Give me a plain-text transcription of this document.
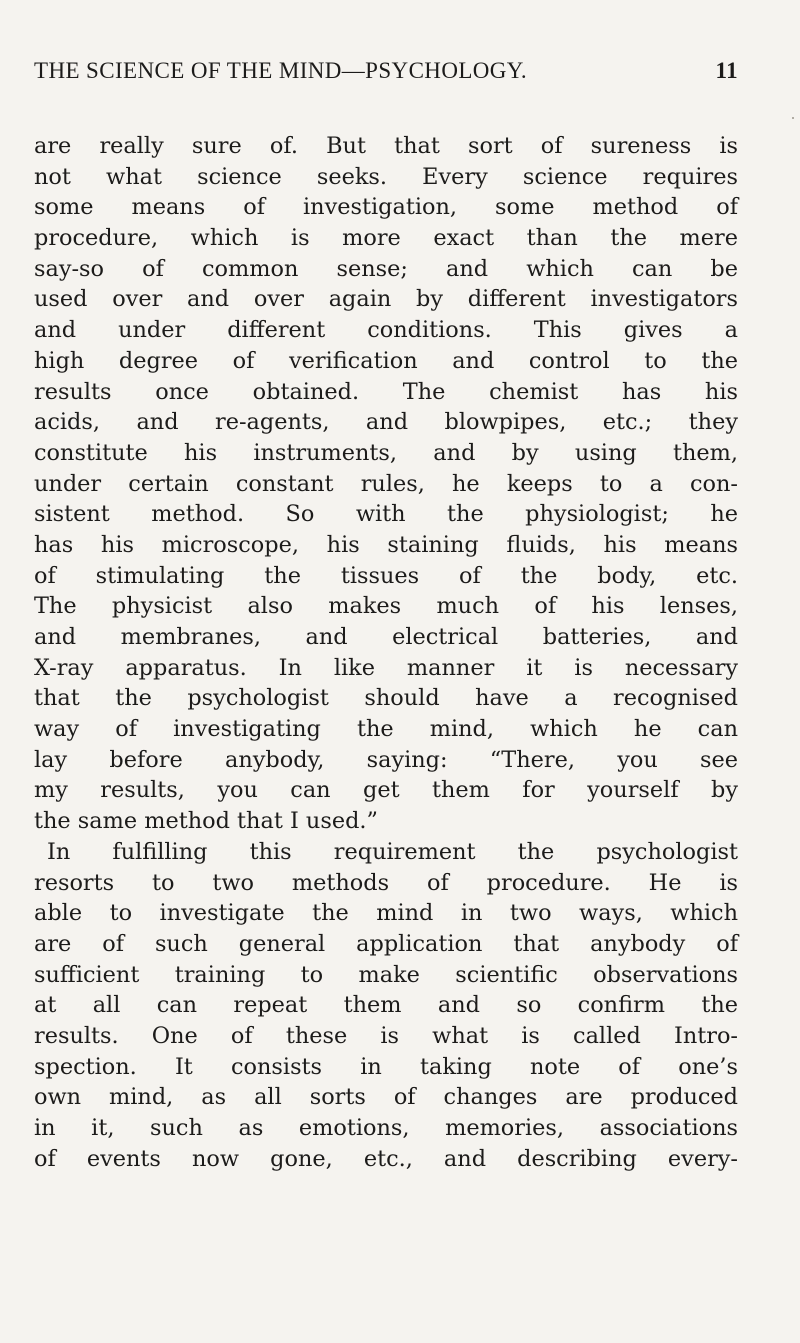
THE SCIENCE OF THE MIND—PSYCHOLOGY.	11
are really sure of. But that sort of sureness is
not what science seeks. Every science requires
some means of investigation, some method of
procedure, which is more exact than the mere
say-so of common sense; and which can be
used over and over again by different investigators
and under different conditions. This gives a
high degree of verification and control to the
results once obtained. The chemist has his
acids, and re-agents, and blowpipes, etc.; they
constitute his instruments, and by using them,
under certain constant rules, he keeps to a con-
sistent method. So with the physiologist; he
has his microscope, his staining fluids, his means
of stimulating the tissues of the body, etc.
The physicist also makes much of his lenses,
and membranes, and electrical batteries, and
X-ray apparatus. In like manner it is necessary
that the psychologist should have a recognised
way of investigating the mind, which he can
lay before anybody, saying: “There, you see
my results, you can get them for yourself by
the same method that I used.”
In fulfilling this requirement the psychologist
resorts to two methods of procedure. He is
able to investigate the mind in two ways, which
are of such general application that anybody of
sufficient training to make scientific observations
at all can repeat them and so confirm the
results. One of these is what is called Intro-
spection. It consists in taking note of one’s
own mind, as all sorts of changes are produced
in it, such as emotions, memories, associations
of events now gone, etc., and describing every-
